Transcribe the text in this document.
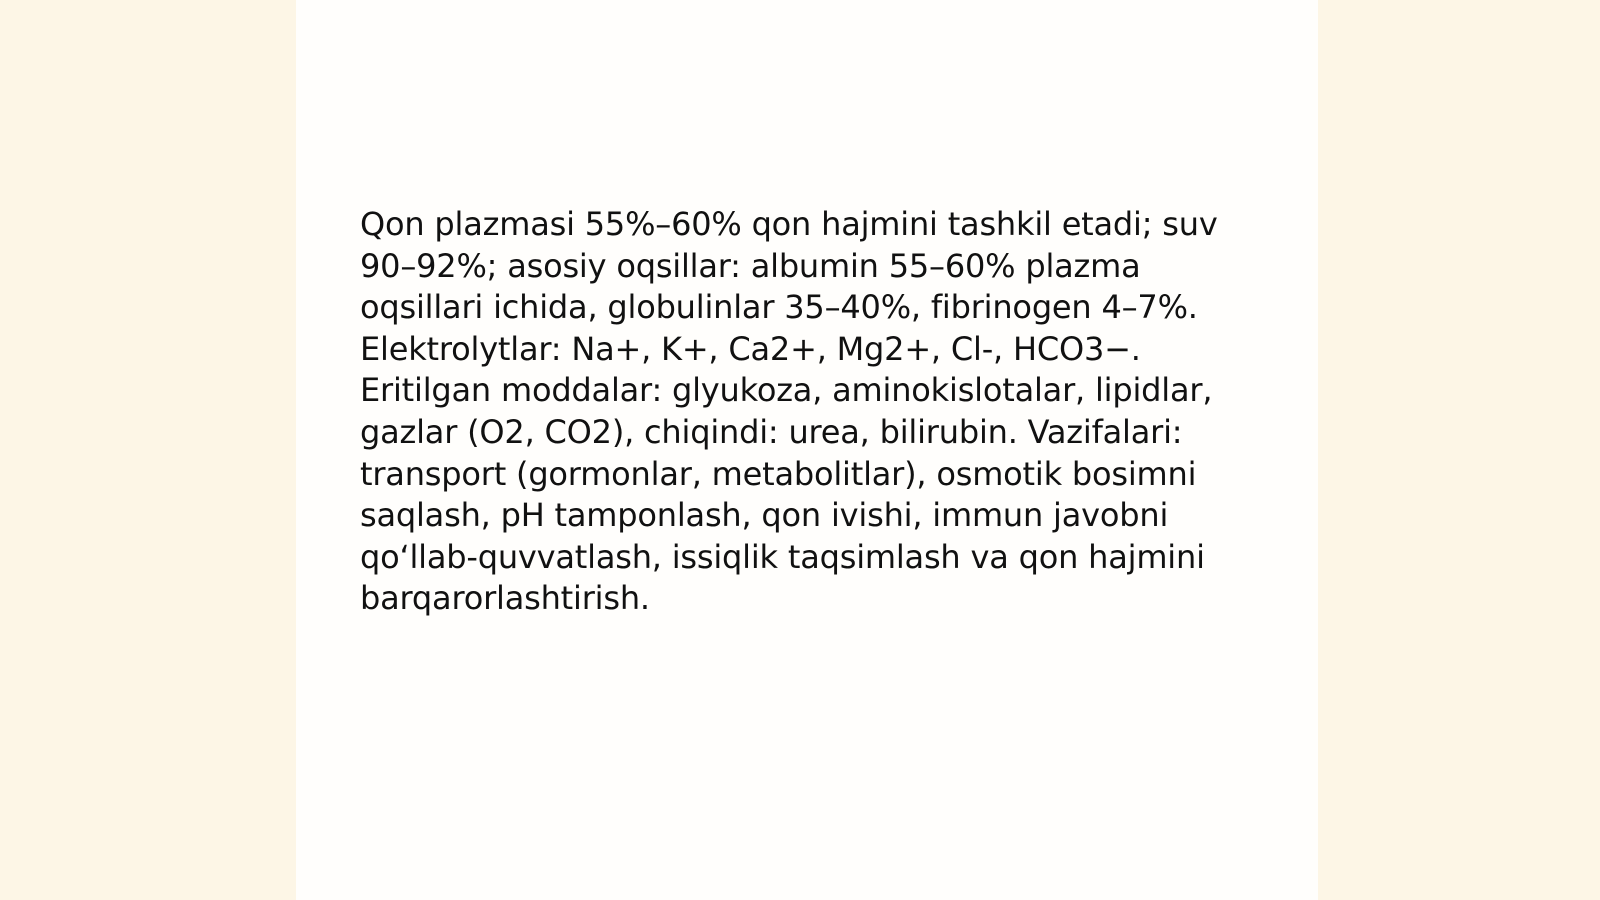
Qon plazmasi 55%–60% qon hajmini tashkil etadi; suv
90–92%; asosiy oqsillar: albumin 55–60% plazma
oqsillari ichida, globulinlar 35–40%, fibrinogen 4–7%.
Elektrolytlar: Na+, K+, Ca2+, Mg2+, Cl-, HCO3−.
Eritilgan moddalar: glyukoza, aminokislotalar, lipidlar,
gazlar (O2, CO2), chiqindi: urea, bilirubin. Vazifalari:
transport (gormonlar, metabolitlar), osmotik bosimni
saqlash, pH tamponlash, qon ivishi, immun javobni
qo‘llab-quvvatlash, issiqlik taqsimlash va qon hajmini
barqarorlashtirish.
